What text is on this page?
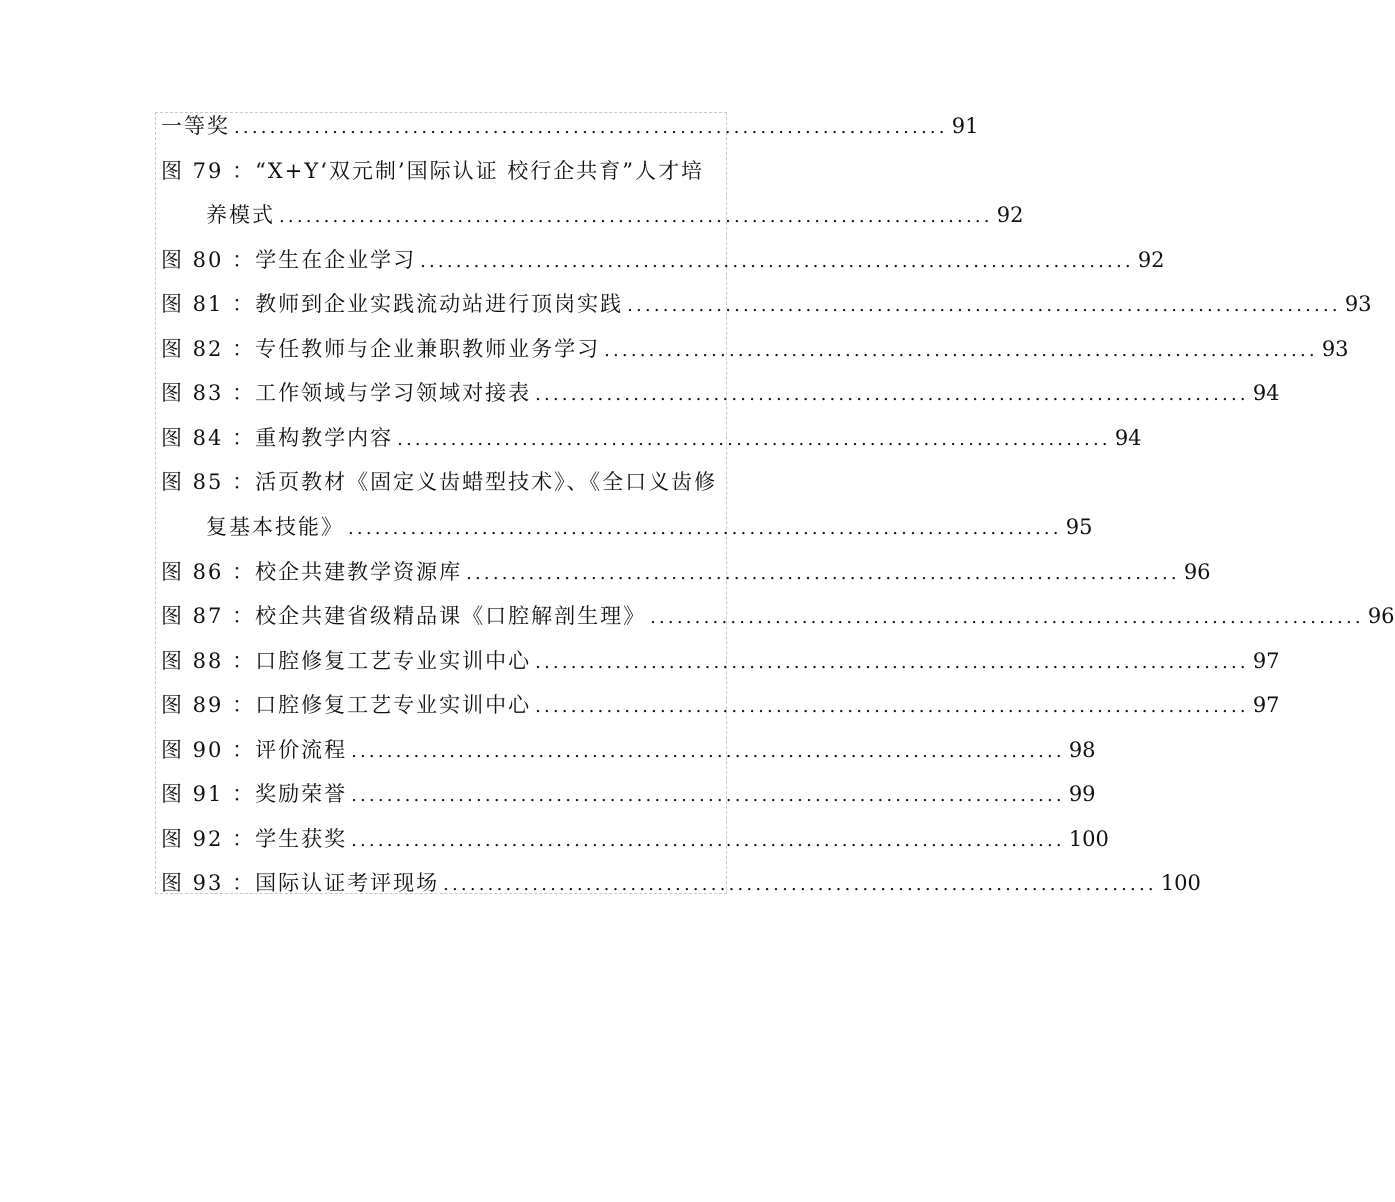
一等奖 ................................................................................ 91
图 79 ：“X+Y‘双元制’国际认证 校行企共育”人才培
养模式 ................................................................................ 92
图 80 ：学生在企业学习 ................................................................................ 92
图 81 ：教师到企业实践流动站进行顶岗实践 ................................................................................ 93
图 82 ：专任教师与企业兼职教师业务学习 ................................................................................ 93
图 83 ：工作领域与学习领域对接表 ................................................................................ 94
图 84 ：重构教学内容 ................................................................................ 94
图 85 ：活页教材《固定义齿蜡型技术》、《全口义齿修
复基本技能》 ................................................................................ 95
图 86 ：校企共建教学资源库 ................................................................................ 96
图 87 ：校企共建省级精品课《口腔解剖生理》 ................................................................................ 96
图 88 ：口腔修复工艺专业实训中心 ................................................................................ 97
图 89 ：口腔修复工艺专业实训中心 ................................................................................ 97
图 90 ：评价流程 ................................................................................ 98
图 91 ：奖励荣誉 ................................................................................ 99
图 92 ：学生获奖 ................................................................................ 100
图 93 ：国际认证考评现场 ................................................................................ 100
